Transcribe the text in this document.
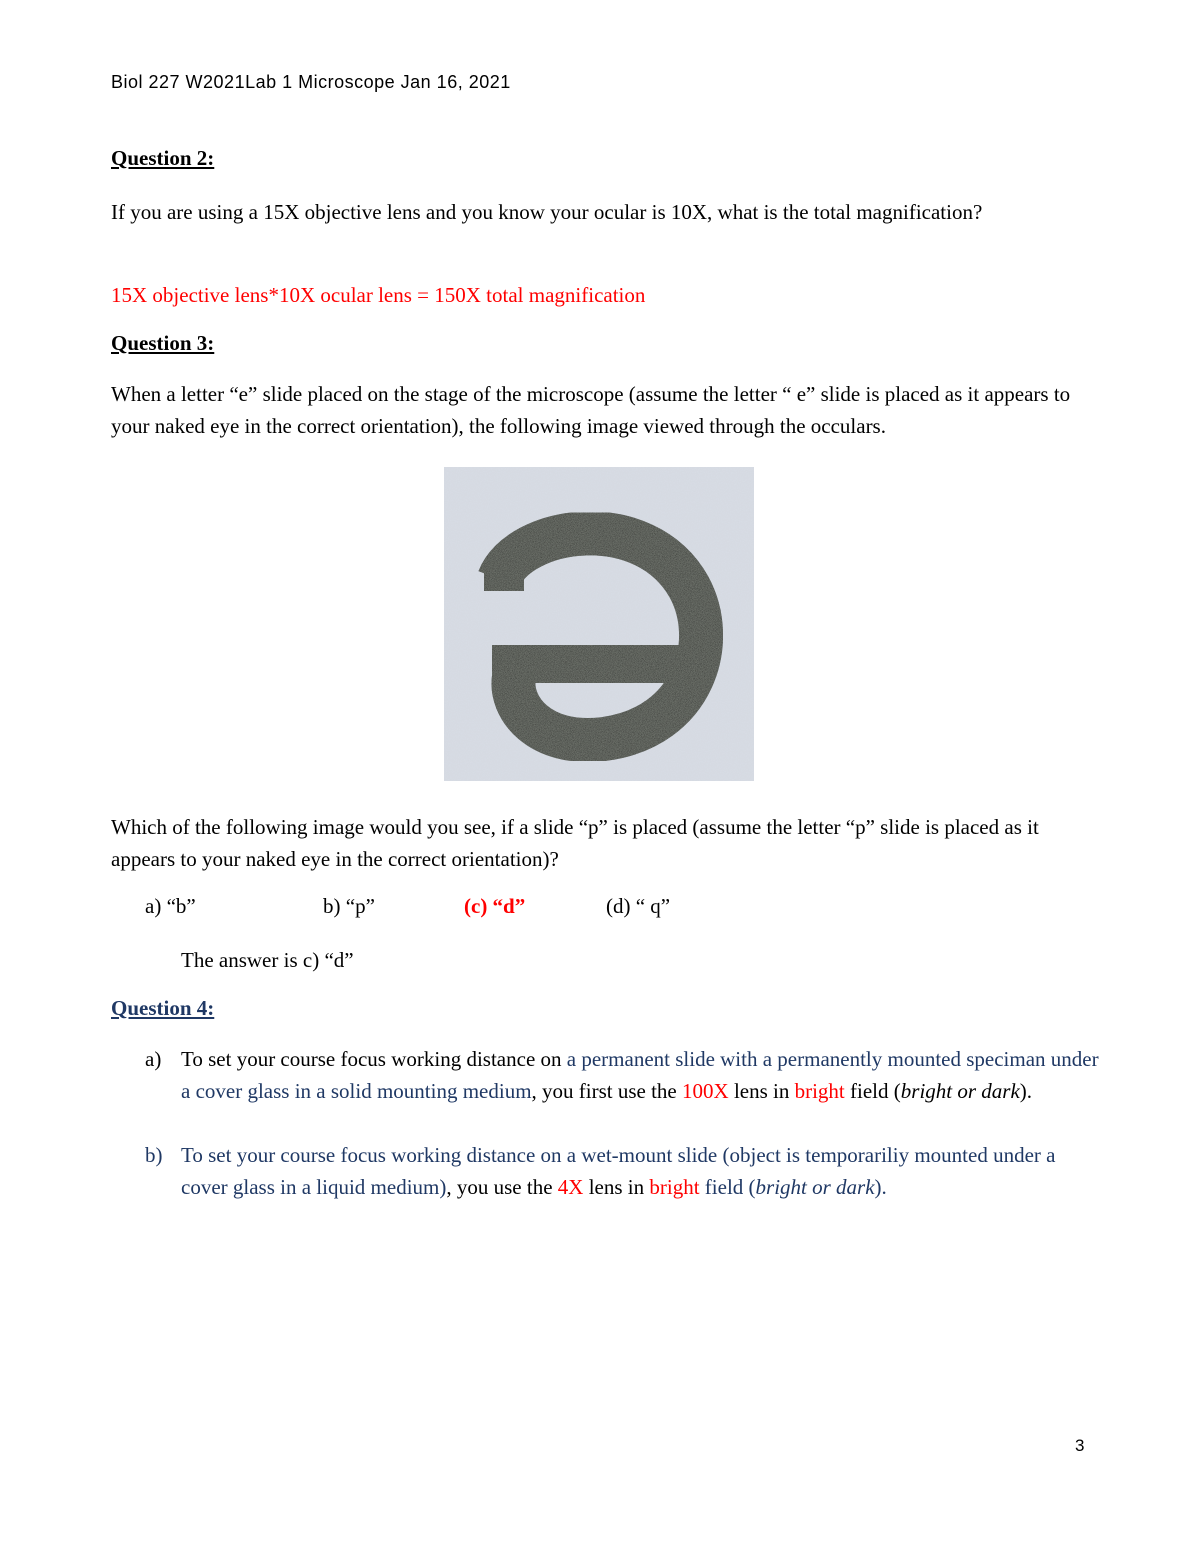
Biol 227 W2021Lab 1 Microscope Jan 16, 2021
Question 2:
If you are using a 15X objective lens and you know your ocular is 10X, what is the total magnification?
15X objective lens*10X ocular lens = 150X total magnification
Question 3:
When a letter “e” slide placed on the stage of the microscope (assume the letter “ e” slide is placed as it appears to your naked eye in the correct orientation), the following image viewed through the occulars.
Which of the following image would you see, if a slide “p” is placed (assume the letter “p” slide is placed as it appears to your naked eye in the correct orientation)?
a) “b”	b) “p”	(c) “d”	(d) “ q”
The answer is c) “d”
Question 4:
a) To set your course focus working distance on a permanent slide with a permanently mounted speciman under a cover glass in a solid mounting medium, you first use the 100X lens in bright field (bright or dark).
b) To set your course focus working distance on a wet-mount slide (object is temporariliy mounted under a cover glass in a liquid medium), you use the 4X lens in bright field (bright or dark).
3
